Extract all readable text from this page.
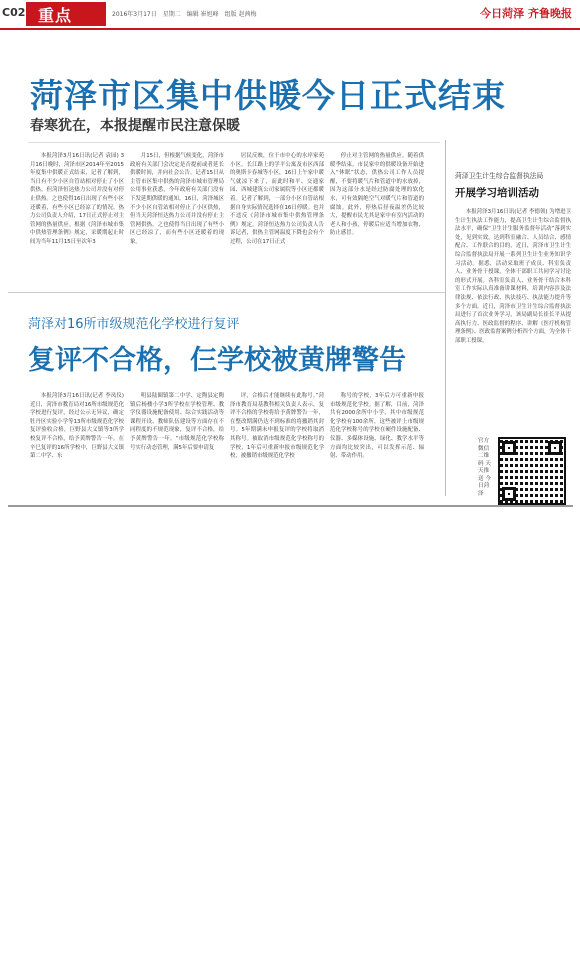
C02 重点	2016年3月17日　星期二　编辑 崔旭峰　组版 赵茜梅	今日菏泽 齐鲁晚报
菏泽市区集中供暖今日正式结束
春寒犹在，本报提醒市民注意保暖

本报菏泽3月16日讯(记者 袁园) 3月16日晚时，菏泽市区2014年至2015年度集中供暖正式结束，记者了解到，当日有不少小区自管站相对停止了小区供热，但菏泽恒达热力公司并没有对停止供热。之也使得16日出现了有些小区还暖着，有些小区已经凉了的情况。热力公司负责人介绍，17日正式停止对主管网的热量供应。根据《菏泽市城市集中供热管理条例》规定，采暖期起止时间为当年11月15日至次年3

月15日，但根据气候变化，菏泽市政府有关部门会决定是否提前或者延长供暖时间，并向社会公告。记者15日从主管市区集中供热的菏泽市城市管理局公用事业获悉，今年政府有关部门没有下发延期供暖的通知。16日，菏泽城区不少小区自管站相对停止了小区供热，但当天菏泽恒达热力公司并没有停止主管网供热，之也使得当日出现了有些小区已经凉了，而有些小区还暖着的现象。

居民反映，位于市中心的水岸家苑小区，长江路上的学平公寓及市区西部的奥斯卡春城等小区，16日上午家中暖气就凉下来了，而此时和平、交通家园、西城建筑公司家属院等小区还都暖着。记者了解到，一部分小区自管站根据自身实际情况选择在16日停暖。也并不违反《菏泽市城市集中供热管理条例》规定。菏泽恒达热力公司负责人告诉记者，供热主管网温度下降也会有个过程，公司在17日正式

停止对主管网的热量供应。随着供暖季结束，市民家中的供暖设备开始进入“休眠”状态，供热公司工作人员提醒，不要将暖气片和管道中的水放掉，因为这部分水是经过防腐处理的软化水，可有效隔绝空气对暖气片和管道的腐蚀。此外，停热后昼夜温差仍比较大，提醒市民尤其是家中有室内活动的老人和小孩，停暖后应适当增加衣物，防止感冒。

菏泽对16所市级规范化学校进行复评
复评不合格，仨学校被黄牌警告

本报菏泽3月16日讯(记者 李凤仪) 近日，菏泽市教育局对16所市级规范化学校进行复评，经过公示无异议，确定牡丹区实验小学等13所市级规范化学校复评验收合格，巨野县大义镇等3所学校复评不合格，给予黄牌警告一年。在辛巳复评的16所学校中，巨野县大义镇第二中学、东

明县陆圈镇第二中学、定陶县定陶镇后杨楼小学3所学校在学校管理、教学仪器设施配备使用、综合实践活动等课程开设、教师队伍建设等方面存在不同程度的不规范现象，复评不合格，给予黄牌警告一年。“市级规范化学校称号实行动态管理，满5年后要申请复

评，合格后才能继续有此称号。”菏泽市教育局基教科相关负责人表示，复评不合格的学校将给予黄牌警告一年，在整改期满仍达不到标准的将撤销其封号。5年期满未申报复评的学校将取消其称号。被取消市级规范化学校称号的学校，1年后可重新申报市级规范化学校，被撤销市级规范化学校

称号的学校，3年后方可重新申报市级规范化学校。据了解，目前，菏泽共有2000余所中小学，其中市级规范化学校有100余所，这些被评上市级规范化学校称号的学校在硬件设施配备、仪器、多媒体设施、绿化、教学水平等方面均比较突出，可以发挥示范、辐射、带动作用。

菏泽卫生计生综合监督执法局
开展学习培训活动

本报菏泽3月16日讯(记者 李德领) 为增进卫生计生执法工作能力，提高卫生计生综合监督执法水平，确保“卫生计生服务监督年活动”落到实处，见到实效，达到科室融合、人员结合、感情配合、工作联合的目的，近日，菏泽市卫生计生综合监督执法局开展一系列卫生计生业务知识学习活动。据悉，活动采取班子成员、科室负责人、业务骨干授课，全体干部职工共同学习讨论的形式开展。各科室负责人、业务骨干结合本科室工作实际认真准备讲课材料，培训内容涉及法律法规、依法行政、执法技巧、执法能力提升等多个方面。近日，菏泽市卫生计生综合监督执法局进行了首次业务学习，该局副局长崔长平从提高执行力、医政监督的程序、讲解《医疗机构管理条例》、医政监督案例分析四个方面，为全体干部职工授课。

官方微信二维码 天天推送 今日菏泽
